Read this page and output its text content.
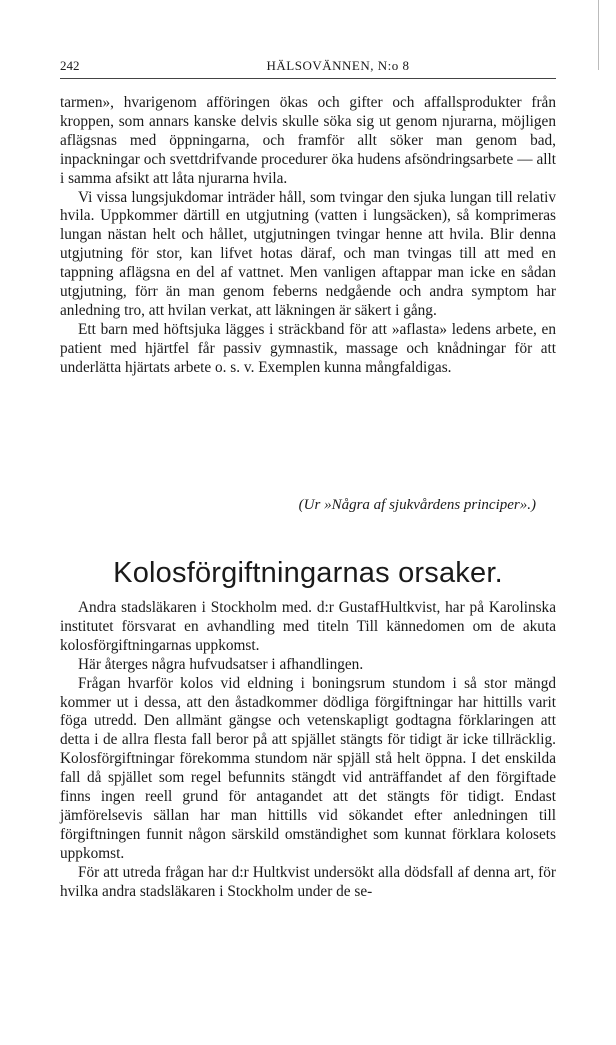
242	HÄLSOVÄNNEN, N:o 8

tarmen», hvarigenom afföringen ökas och gifter och affallsprodukter från kroppen, som annars kanske delvis skulle söka sig ut genom njurarna, möjligen aflägsnas med öppningarna, och framför allt söker man genom bad, inpackningar och svettdrifvande procedurer öka hudens afsöndringsarbete — allt i samma afsikt att låta njurarna hvila.

Vi vissa lungsjukdomar inträder håll, som tvingar den sjuka lungan till relativ hvila. Uppkommer därtill en utgjutning (vatten i lungsäcken), så komprimeras lungan nästan helt och hållet, utgjutningen tvingar henne att hvila. Blir denna utgjutning för stor, kan lifvet hotas däraf, och man tvingas till att med en tappning aflägsna en del af vattnet. Men vanligen aftappar man icke en sådan utgjutning, förr än man genom feberns nedgående och andra symptom har anledning tro, att hvilan verkat, att läkningen är säkert i gång.

Ett barn med höftsjuka lägges i sträckband för att »aflasta» ledens arbete, en patient med hjärtfel får passiv gymnastik, massage och knådningar för att underlätta hjärtats arbete o. s. v. Exemplen kunna mångfaldigas.

(Ur »Några af sjukvårdens principer».)
Kolosförgiftningarnas orsaker.

Andra stadsläkaren i Stockholm med. d:r GustafHultkvist, har på Karolinska institutet försvarat en avhandling med titeln Till kännedomen om de akuta kolosförgiftningarnas uppkomst.

Här återges några hufvudsatser i afhandlingen.

Frågan hvarför kolos vid eldning i boningsrum stundom i så stor mängd kommer ut i dessa, att den åstadkommer dödliga förgiftningar har hittills varit föga utredd. Den allmänt gängse och vetenskapligt godtagna förklaringen att detta i de allra flesta fall beror på att spjället stängts för tidigt är icke tillräcklig. Kolosförgiftningar förekomma stundom när spjäll stå helt öppna. I det enskilda fall då spjället som regel befunnits stängdt vid anträffandet af den förgiftade finns ingen reell grund för antagandet att det stängts för tidigt. Endast jämförelsevis sällan har man hittills vid sökandet efter anledningen till förgiftningen funnit någon särskild omständighet som kunnat förklara kolosets uppkomst.

För att utreda frågan har d:r Hultkvist undersökt alla dödsfall af denna art, för hvilka andra stadsläkaren i Stockholm under de se-
